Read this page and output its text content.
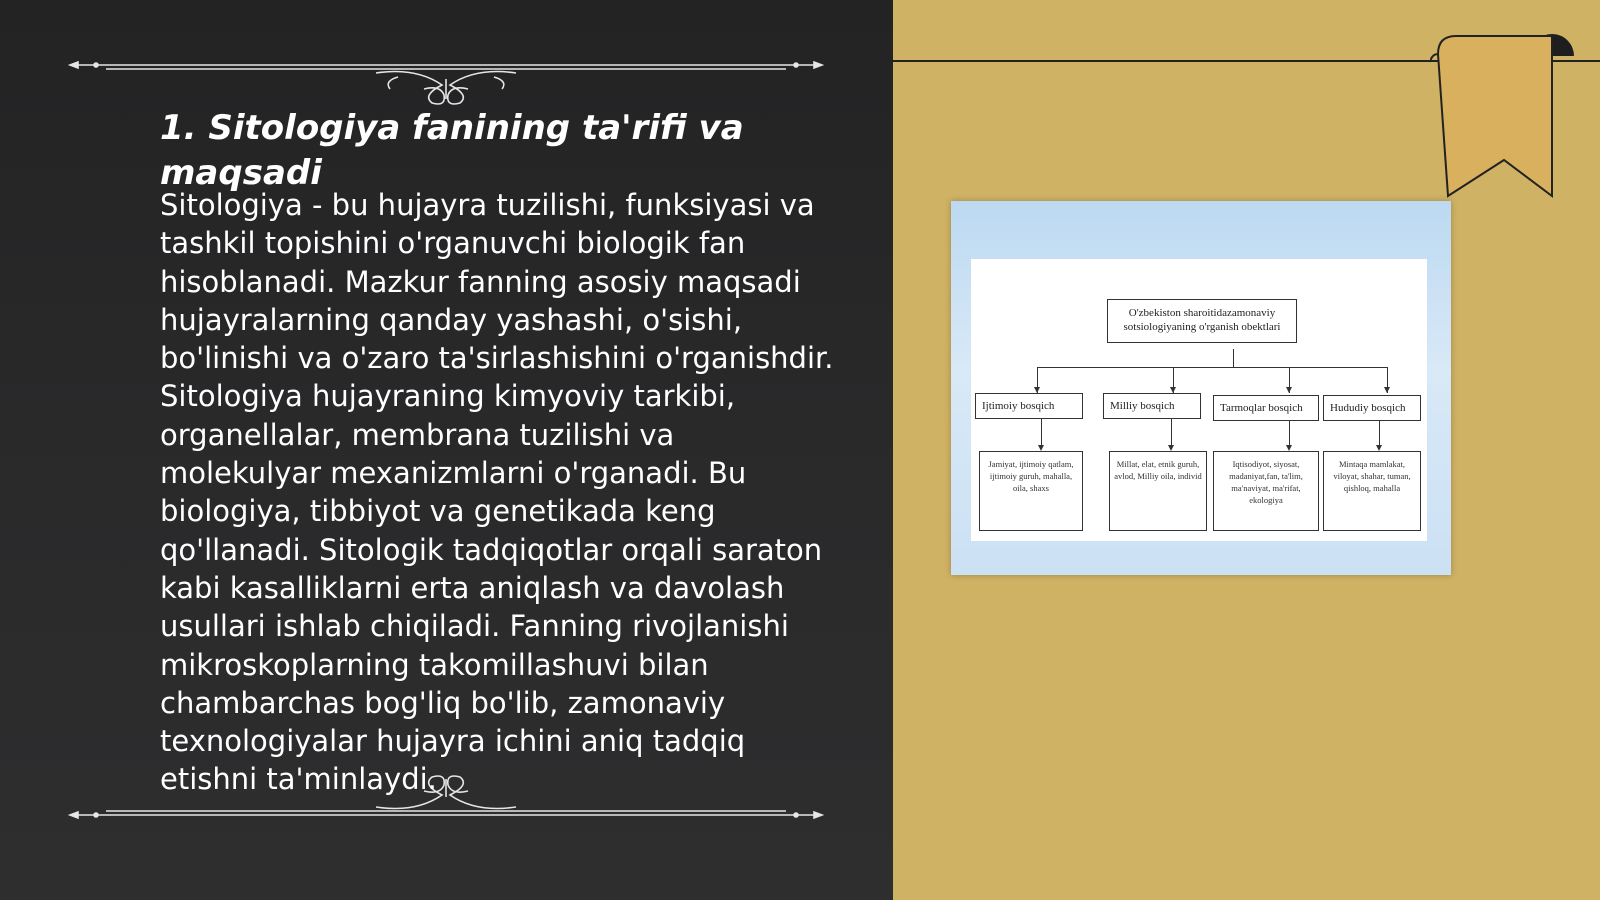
1. Sitologiya fanining ta'rifi va maqsadi

Sitologiya - bu hujayra tuzilishi, funksiyasi va tashkil topishini o'rganuvchi biologik fan hisoblanadi. Mazkur fanning asosiy maqsadi hujayralarning qanday yashashi, o'sishi, bo'linishi va o'zaro ta'sirlashishini o'rganishdir. Sitologiya hujayraning kimyoviy tarkibi, organellalar, membrana tuzilishi va molekulyar mexanizmlarni o'rganadi. Bu biologiya, tibbiyot va genetikada keng qo'llanadi. Sitologik tadqiqotlar orqali saraton kabi kasalliklarni erta aniqlash va davolash usullari ishlab chiqiladi. Fanning rivojlanishi mikroskoplarning takomillashuvi bilan chambarchas bog'liq bo'lib, zamonaviy texnologiyalar hujayra ichini aniq tadqiq etishni ta'minlaydi.

O'zbekiston sharoitidazamonaviy sotsiologiyaning o'rganish obektlari
Ijtimoiy bosqich	Milliy bosqich	Tarmoqlar bosqich	Hududiy bosqich
Jamiyat, ijtimoiy qatlam, ijtimoiy guruh, mahalla, oila, shaxs
Millat, elat, etnik guruh, avlod, Milliy oila, individ
Iqtisodiyot, siyosat, madaniyat,fan, ta'lim, ma'naviyat, ma'rifat, ekologiya
Mintaqa mamlakat, viloyat, shahar, tuman, qishloq, mahalla
